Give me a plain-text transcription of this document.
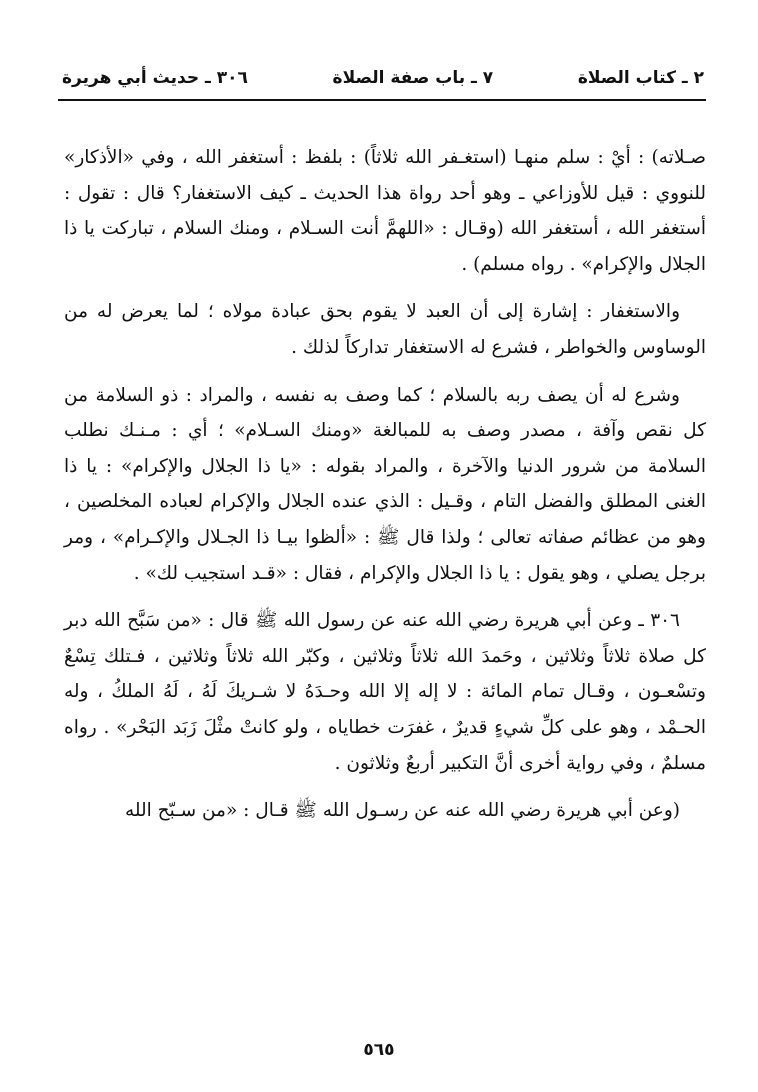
٢ ـ كتاب الصلاة
٧ ـ باب صفة الصلاة
٣٠٦ ـ حديث أبي هريرة

صـلاته) : أيْ : سلم منهـا (استغـفر الله ثلاثاً) : بلفظ : أستغفر الله ، وفي «الأذكار» للنووي : قيل للأوزاعي ـ وهو أحد رواة هذا الحديث ـ كيف الاستغفار؟ قال : تقول : أستغفر الله ، أستغفر الله (وقـال : «اللهمَّ أنت السـلام ، ومنك السلام ، تباركت يا ذا الجلال والإكرام» . رواه مسلم) .

والاستغفار : إشارة إلى أن العبد لا يقوم بحق عبادة مولاه ؛ لما يعرض له من الوساوس والخواطر ، فشرع له الاستغفار تداركاً لذلك .

وشرع له أن يصف ربه بالسلام ؛ كما وصف به نفسه ، والمراد : ذو السلامة من كل نقص وآفة ، مصدر وصف به للمبالغة «ومنك السـلام» ؛ أي : مـنـك نطلب السلامة من شرور الدنيا والآخرة ، والمراد بقوله : «يا ذا الجلال والإكرام» : يا ذا الغنى المطلق والفضل التام ، وقـيل : الذي عنده الجلال والإكرام لعباده المخلصين ، وهو من عظائم صفاته تعالى ؛ ولذا قال ﷺ : «ألظوا بيـا ذا الجـلال والإكـرام» ، ومر برجل يصلي ، وهو يقول : يا ذا الجلال والإكرام ، فقال : «قـد استجيب لك» .

٣٠٦ ـ وعن أبي هريرة رضي الله عنه عن رسول الله ﷺ قال : «من سَبَّح الله دبر كل صلاة ثلاثاً وثلاثين ، وحَمدَ الله ثلاثاً وثلاثين ، وكبّر الله ثلاثاً وثلاثين ، فـتلك تِسْعٌ وتسْعـون ، وقـال تمام المائة : لا إله إلا الله وحـدَهُ لا شـريكَ لَهُ ، لَهُ الملكُ ، وله الحـمْد ، وهو على كلِّ شيءٍ قديرٌ ، غفرَت خطاياه ، ولو كانتْ مثْلَ زَبَد البَحْر» . رواه مسلمٌ ، وفي رواية أخرى أنَّ التكبير أربعٌ وثلاثون .

(وعن أبي هريرة رضي الله عنه عن رسـول الله ﷺ قـال : «من سـبّح الله

٥٦٥
